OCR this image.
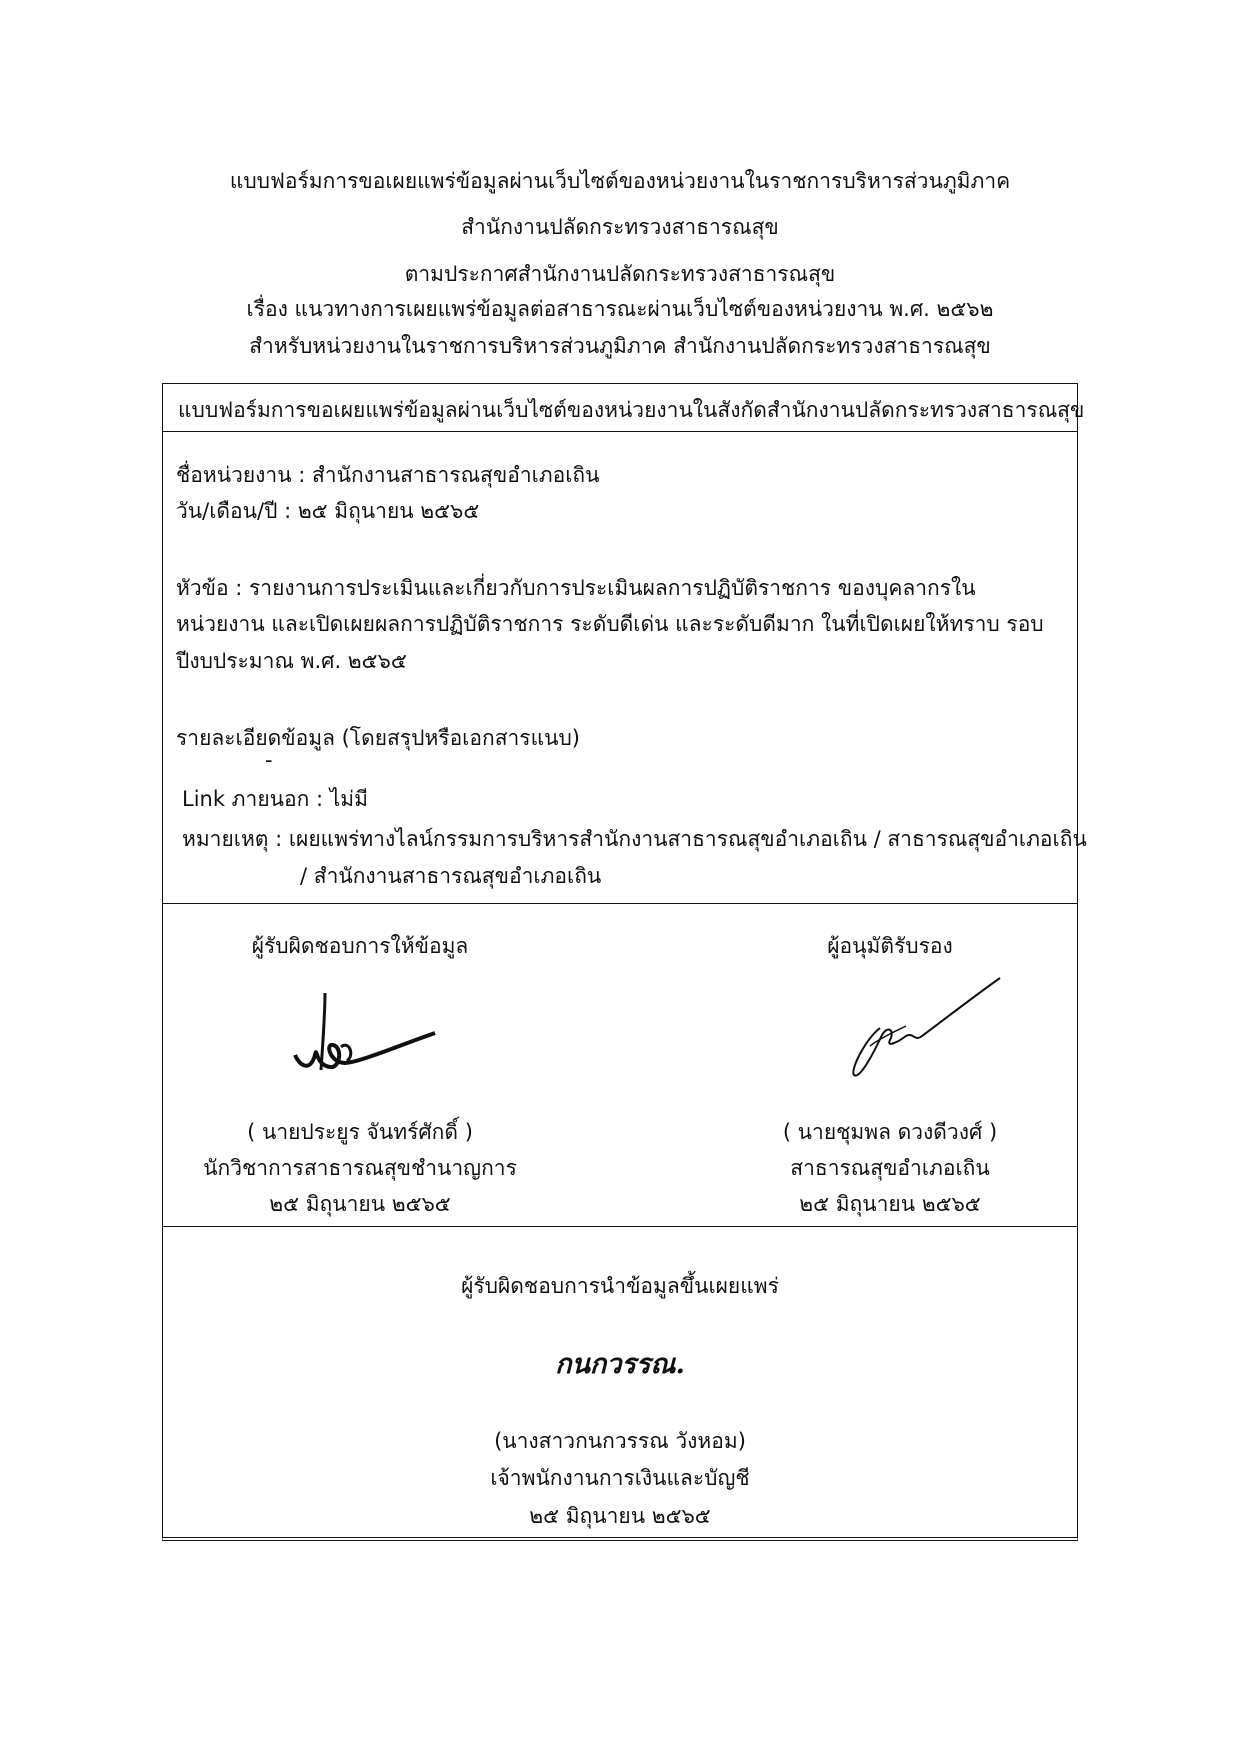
แบบฟอร์มการขอเผยแพร่ข้อมูลผ่านเว็บไซต์ของหน่วยงานในราชการบริหารส่วนภูมิภาค
สำนักงานปลัดกระทรวงสาธารณสุข
ตามประกาศสำนักงานปลัดกระทรวงสาธารณสุข
เรื่อง แนวทางการเผยแพร่ข้อมูลต่อสาธารณะผ่านเว็บไซต์ของหน่วยงาน พ.ศ. ๒๕๖๒
สำหรับหน่วยงานในราชการบริหารส่วนภูมิภาค สำนักงานปลัดกระทรวงสาธารณสุข
แบบฟอร์มการขอเผยแพร่ข้อมูลผ่านเว็บไซต์ของหน่วยงานในสังกัดสำนักงานปลัดกระทรวงสาธารณสุข
ชื่อหน่วยงาน : สำนักงานสาธารณสุขอำเภอเถิน
วัน/เดือน/ปี : ๒๕ มิถุนายน ๒๕๖๕
หัวข้อ : รายงานการประเมินและเกี่ยวกับการประเมินผลการปฏิบัติราชการ ของบุคลากรใน
หน่วยงาน และเปิดเผยผลการปฏิบัติราชการ ระดับดีเด่น และระดับดีมาก ในที่เปิดเผยให้ทราบ รอบ
ปีงบประมาณ พ.ศ. ๒๕๖๕
รายละเอียดข้อมูล (โดยสรุปหรือเอกสารแนบ)
-
Link ภายนอก : ไม่มี
หมายเหตุ : เผยแพร่ทางไลน์กรรมการบริหารสำนักงานสาธารณสุขอำเภอเถิน / สาธารณสุขอำเภอเถิน
/ สำนักงานสาธารณสุขอำเภอเถิน
ผู้รับผิดชอบการให้ข้อมูล
( นายประยูร จันทร์ศักดิ์ )
นักวิชาการสาธารณสุขชำนาญการ
๒๕ มิถุนายน ๒๕๖๕
ผู้อนุมัติรับรอง
( นายชุมพล ดวงดีวงศ์ )
สาธารณสุขอำเภอเถิน
๒๕ มิถุนายน ๒๕๖๕
ผู้รับผิดชอบการนำข้อมูลขึ้นเผยแพร่
กนกวรรณ.
(นางสาวกนกวรรณ วังหอม)
เจ้าพนักงานการเงินและบัญชี
๒๕ มิถุนายน ๒๕๖๕
